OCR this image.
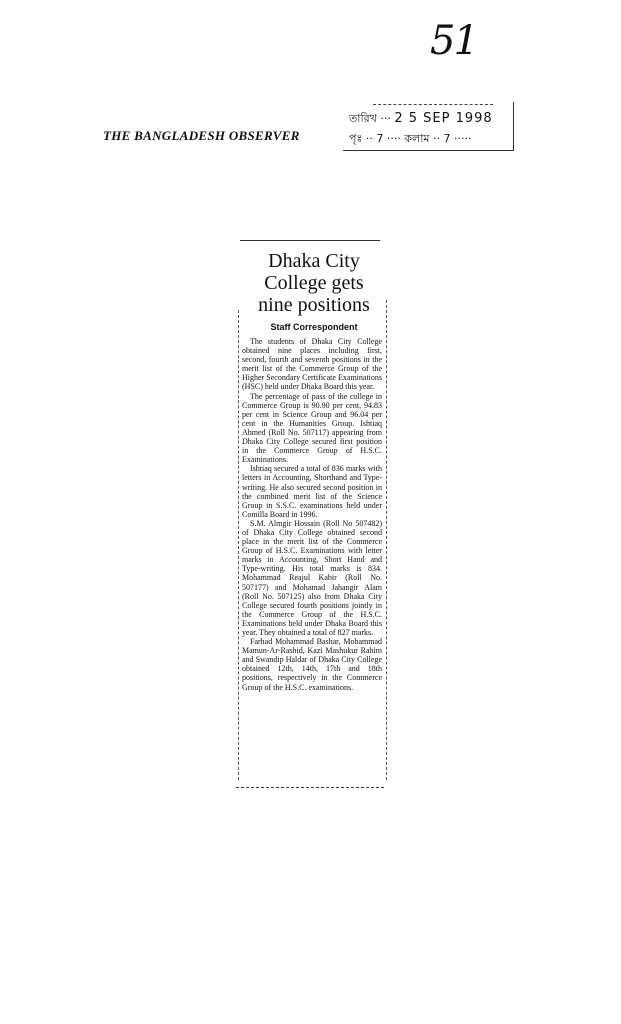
51
THE BANGLADESH OBSERVER
তারিখ ··· 2 5 SEP 1998
পৃঃ ·· 7 ···· কলাম ·· 7 ·····
Dhaka City College gets nine positions
Staff Correspondent

The students of Dhaka City College obtained nine places including first, second, fourth and seventh positions in the merit list of the Commerce Group of the Higher Secondary Certificate Examinations (HSC) held under Dhaka Board this year.

The percentage of pass of the college in Commerce Group is 90.90 per cent, 94.83 per cent in Science Group and 96.04 per cent in the Humanities Group. Ishtiaq Ahmed (Roll No. 507117) appearing from Dhaka City College secured first position in the Commerce Group of H.S.C. Examinations.

Ishtiaq secured a total of 836 marks with letters in Accounting, Shorthand and Type-writing. He also secured second position in the combined merit list of the Science Group in S.S.C. examinations held under Comilla Board in 1996.

S.M. Almgir Hossain (Roll No 507482) of Dhaka City College obtained second place in the merit list of the Commerce Group of H.S.C. Examinations with letter marks in Accounting, Short Hand and Type-writing. His total marks is 834. Mohammad Reajul Kabir (Roll No. 507177) and Mohamad Jahangir Alam (Roll No. 507125) also from Dhaka City College secured fourth positions jointly in the Commerce Group of the H.S.C. Examinations held under Dhaka Board this year. They obtained a total of 827 marks.

Farhad Mohammad Bashar, Mohammad Mamun-Ar-Rashid, Kazi Mashukur Rahim and Swandip Haldar of Dhaka City College obtained 12th, 14th, 17th and 18th positions, respectively in the Commerce Group of the H.S.C. examinations.
